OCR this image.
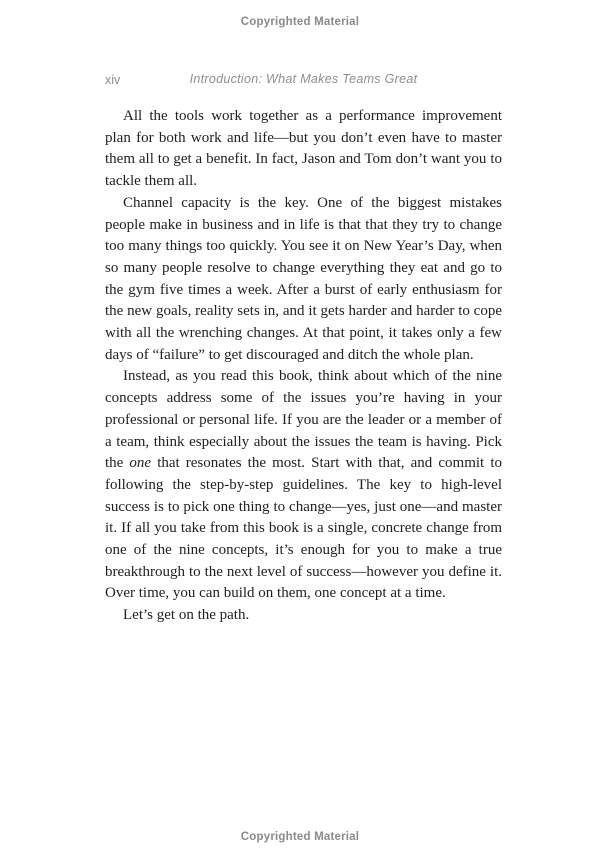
Copyrighted Material
xiv	Introduction: What Makes Teams Great

All the tools work together as a performance improvement plan for both work and life—but you don’t even have to master them all to get a benefit. In fact, Jason and Tom don’t want you to tackle them all.

Channel capacity is the key. One of the biggest mistakes people make in business and in life is that that they try to change too many things too quickly. You see it on New Year’s Day, when so many people resolve to change everything they eat and go to the gym five times a week. After a burst of early enthusiasm for the new goals, reality sets in, and it gets harder and harder to cope with all the wrenching changes. At that point, it takes only a few days of “failure” to get discouraged and ditch the whole plan.

Instead, as you read this book, think about which of the nine concepts address some of the issues you’re having in your professional or personal life. If you are the leader or a member of a team, think especially about the issues the team is having. Pick the one that resonates the most. Start with that, and commit to following the step-by-step guidelines. The key to high-level success is to pick one thing to change—yes, just one—and master it. If all you take from this book is a single, concrete change from one of the nine concepts, it’s enough for you to make a true breakthrough to the next level of success—however you define it. Over time, you can build on them, one concept at a time.

Let’s get on the path.

Copyrighted Material
